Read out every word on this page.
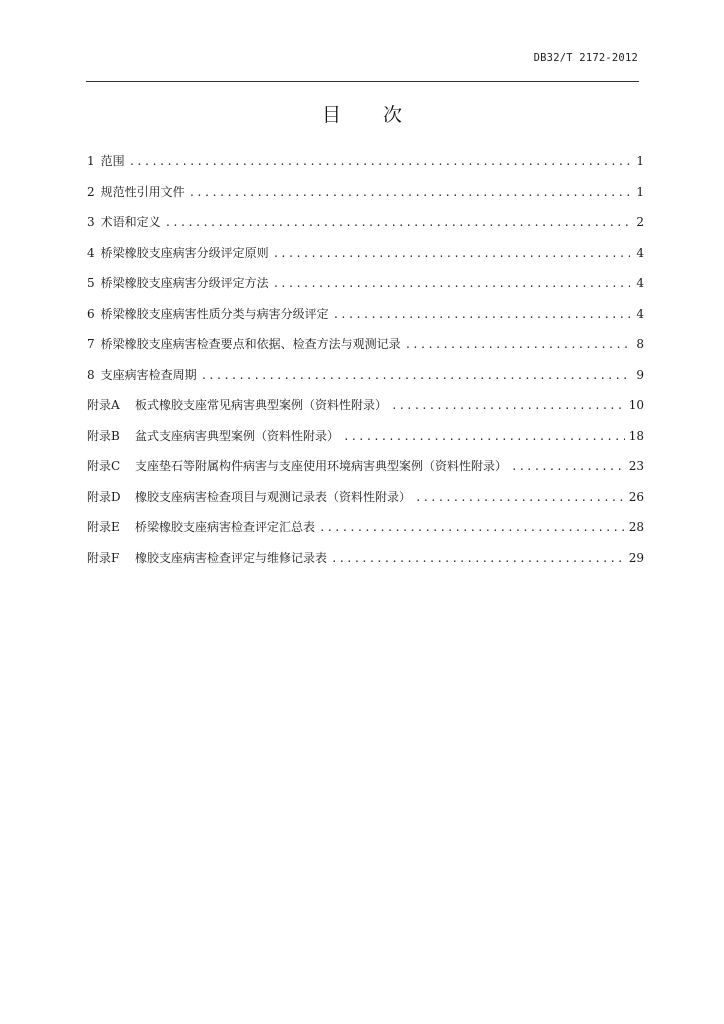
DB32/T 2172-2012
目 次
1 范围 .....	1
2 规范性引用文件 .....	1
3 术语和定义 .....	2
4 桥梁橡胶支座病害分级评定原则 .....	4
5 桥梁橡胶支座病害分级评定方法 .....	4
6 桥梁橡胶支座病害性质分类与病害分级评定 .....	4
7 桥梁橡胶支座病害检查要点和依据、检查方法与观测记录 .....	8
8 支座病害检查周期 .....	9
附录A	板式橡胶支座常见病害典型案例（资料性附录） .....	10
附录B	盆式支座病害典型案例（资料性附录） .....	18
附录C	支座垫石等附属构件病害与支座使用环境病害典型案例（资料性附录） .....	23
附录D	橡胶支座病害检查项目与观测记录表（资料性附录） .....	26
附录E	桥梁橡胶支座病害检查评定汇总表 .....	28
附录F	橡胶支座病害检查评定与维修记录表 .....	29
